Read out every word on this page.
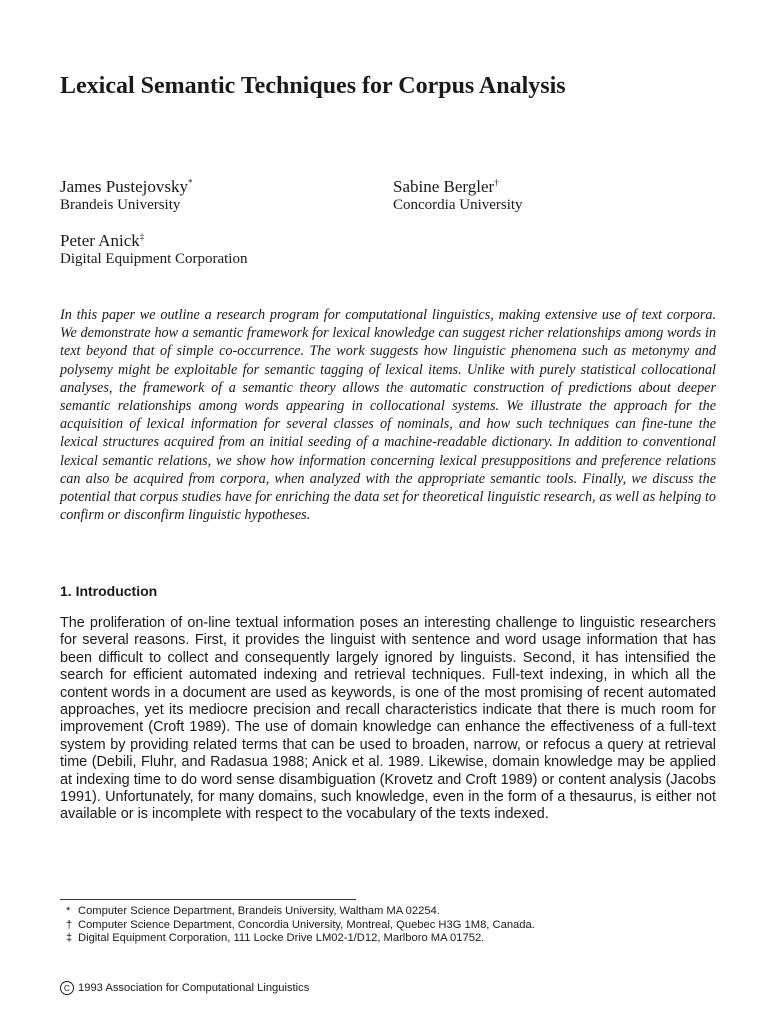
Lexical Semantic Techniques for Corpus Analysis
James Pustejovsky*
Brandeis University
Sabine Bergler†
Concordia University
Peter Anick‡
Digital Equipment Corporation

In this paper we outline a research program for computational linguistics, making extensive use of text corpora. We demonstrate how a semantic framework for lexical knowledge can suggest richer relationships among words in text beyond that of simple co-occurrence. The work suggests how linguistic phenomena such as metonymy and polysemy might be exploitable for semantic tagging of lexical items. Unlike with purely statistical collocational analyses, the framework of a semantic theory allows the automatic construction of predictions about deeper semantic relationships among words appearing in collocational systems. We illustrate the approach for the acquisition of lexical information for several classes of nominals, and how such techniques can fine-tune the lexical structures acquired from an initial seeding of a machine-readable dictionary. In addition to conventional lexical semantic relations, we show how information concerning lexical presuppositions and preference relations can also be acquired from corpora, when analyzed with the appropriate semantic tools. Finally, we discuss the potential that corpus studies have for enriching the data set for theoretical linguistic research, as well as helping to confirm or disconfirm linguistic hypotheses.

1. Introduction

The proliferation of on-line textual information poses an interesting challenge to linguistic researchers for several reasons. First, it provides the linguist with sentence and word usage information that has been difficult to collect and consequently largely ignored by linguists. Second, it has intensified the search for efficient automated indexing and retrieval techniques. Full-text indexing, in which all the content words in a document are used as keywords, is one of the most promising of recent automated approaches, yet its mediocre precision and recall characteristics indicate that there is much room for improvement (Croft 1989). The use of domain knowledge can enhance the effectiveness of a full-text system by providing related terms that can be used to broaden, narrow, or refocus a query at retrieval time (Debili, Fluhr, and Radasua 1988; Anick et al. 1989. Likewise, domain knowledge may be applied at indexing time to do word sense disambiguation (Krovetz and Croft 1989) or content analysis (Jacobs 1991). Unfortunately, for many domains, such knowledge, even in the form of a thesaurus, is either not available or is incomplete with respect to the vocabulary of the texts indexed.

* Computer Science Department, Brandeis University, Waltham MA 02254.
† Computer Science Department, Concordia University, Montreal, Quebec H3G 1M8, Canada.
‡ Digital Equipment Corporation, 111 Locke Drive LM02-1/D12, Marlboro MA 01752.
C 1993 Association for Computational Linguistics
